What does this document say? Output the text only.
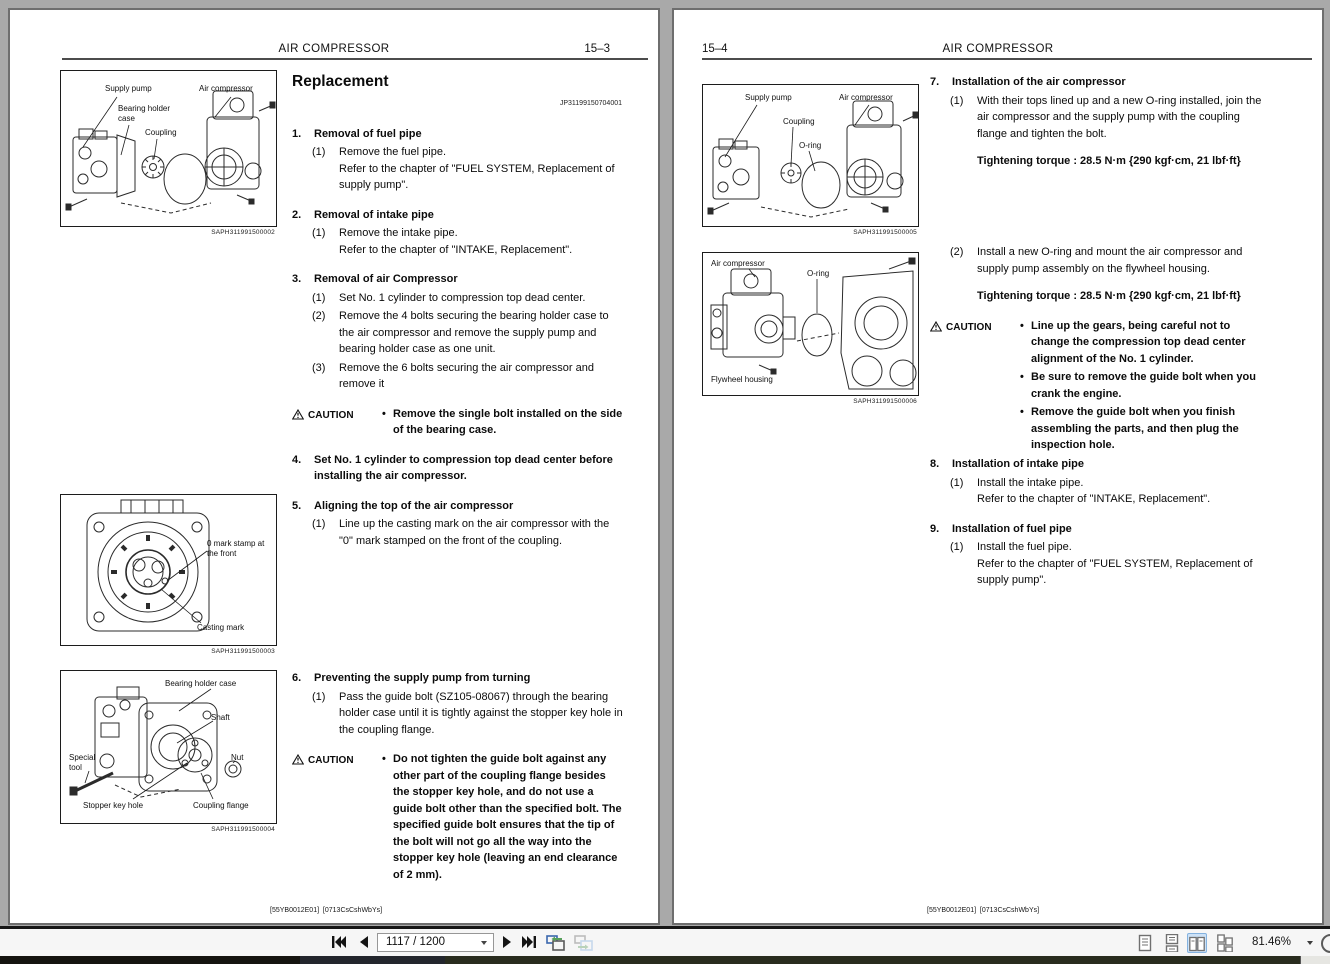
AIR COMPRESSOR	15–3
Supply pump	Air compressor
Bearing holder case
Coupling
SAPH311991500002
0 mark stamp at the front
Casting mark
SAPH311991500003
Bearing holder case
Shaft
Special tool
Nut
Stopper key hole	Coupling flange
SAPH311991500004
Replacement
JP31199150704001
1.	Removal of fuel pipe
(1)	Remove the fuel pipe.
Refer to the chapter of "FUEL SYSTEM, Replacement of supply pump".
2.	Removal of intake pipe
(1)	Remove the intake pipe.
Refer to the chapter of "INTAKE, Replacement".
3.	Removal of air Compressor
(1)	Set No. 1 cylinder to compression top dead center.
(2)	Remove the 4 bolts securing the bearing holder case to the air compressor and remove the supply pump and bearing holder case as one unit.
(3)	Remove the 6 bolts securing the air compressor and remove it
CAUTION	• Remove the single bolt installed on the side of the bearing case.
4.	Set No. 1 cylinder to compression top dead center before installing the air compressor.
5.	Aligning the top of the air compressor
(1)	Line up the casting mark on the air compressor with the "0" mark stamped on the front of the coupling.
6.	Preventing the supply pump from turning
(1)	Pass the guide bolt (SZ105-08067) through the bearing holder case until it is tightly against the stopper key hole in the coupling flange.
CAUTION	• Do not tighten the guide bolt against any other part of the coupling flange besides the stopper key hole, and do not use a guide bolt other than the specified bolt. The specified guide bolt ensures that the tip of the bolt will not go all the way into the stopper key hole (leaving an end clearance of 2 mm).
[55YB0012E01]  [0713CsCshWbYs]
15–4	AIR COMPRESSOR
Supply pump	Air compressor
Coupling
O-ring
SAPH311991500005
Air compressor
O-ring
Flywheel housing
SAPH311991500006
7.	Installation of the air compressor
(1)	With their tops lined up and a new O-ring installed, join the air compressor and the supply pump with the coupling flange and tighten the bolt.
Tightening torque : 28.5 N·m {290 kgf·cm, 21 lbf·ft}
(2)	Install a new O-ring and mount the air compressor and supply pump assembly on the flywheel housing.
Tightening torque : 28.5 N·m {290 kgf·cm, 21 lbf·ft}
CAUTION	• Line up the gears, being careful not to change the compression top dead center alignment of the No. 1 cylinder.
• Be sure to remove the guide bolt when you crank the engine.
• Remove the guide bolt when you finish assembling the parts, and then plug the inspection hole.
8.	Installation of intake pipe
(1)	Install the intake pipe.
Refer to the chapter of "INTAKE, Replacement".
9.	Installation of fuel pipe
(1)	Install the fuel pipe.
Refer to the chapter of "FUEL SYSTEM, Replacement of supply pump".
[55YB0012E01]  [0713CsCshWbYs]
1117 / 1200	81.46%
